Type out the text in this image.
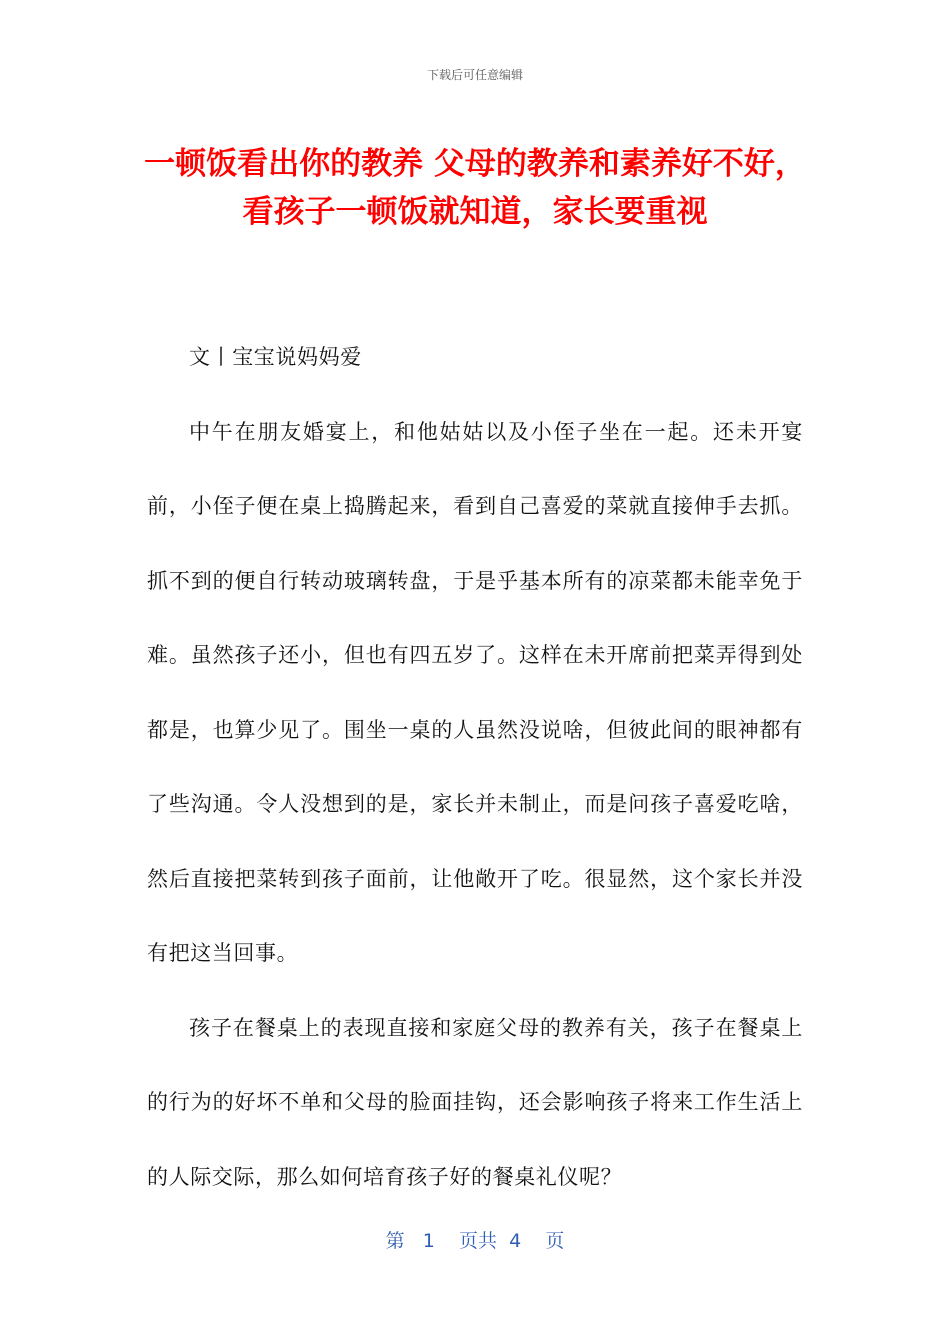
下载后可任意编辑
一顿饭看出你的教养 父母的教养和素养好不好，看孩子一顿饭就知道，家长要重视

文丨宝宝说妈妈爱

中午在朋友婚宴上，和他姑姑以及小侄子坐在一起。还未开宴前，小侄子便在桌上捣腾起来，看到自己喜爱的菜就直接伸手去抓。抓不到的便自行转动玻璃转盘，于是乎基本所有的凉菜都未能幸免于难。虽然孩子还小，但也有四五岁了。这样在未开席前把菜弄得到处都是，也算少见了。围坐一桌的人虽然没说啥，但彼此间的眼神都有了些沟通。令人没想到的是，家长并未制止，而是问孩子喜爱吃啥，然后直接把菜转到孩子面前，让他敞开了吃。很显然，这个家长并没有把这当回事。

孩子在餐桌上的表现直接和家庭父母的教养有关，孩子在餐桌上的行为的好坏不单和父母的脸面挂钩，还会影响孩子将来工作生活上的人际交际，那么如何培育孩子好的餐桌礼仪呢？

第 1 页共 4 页
